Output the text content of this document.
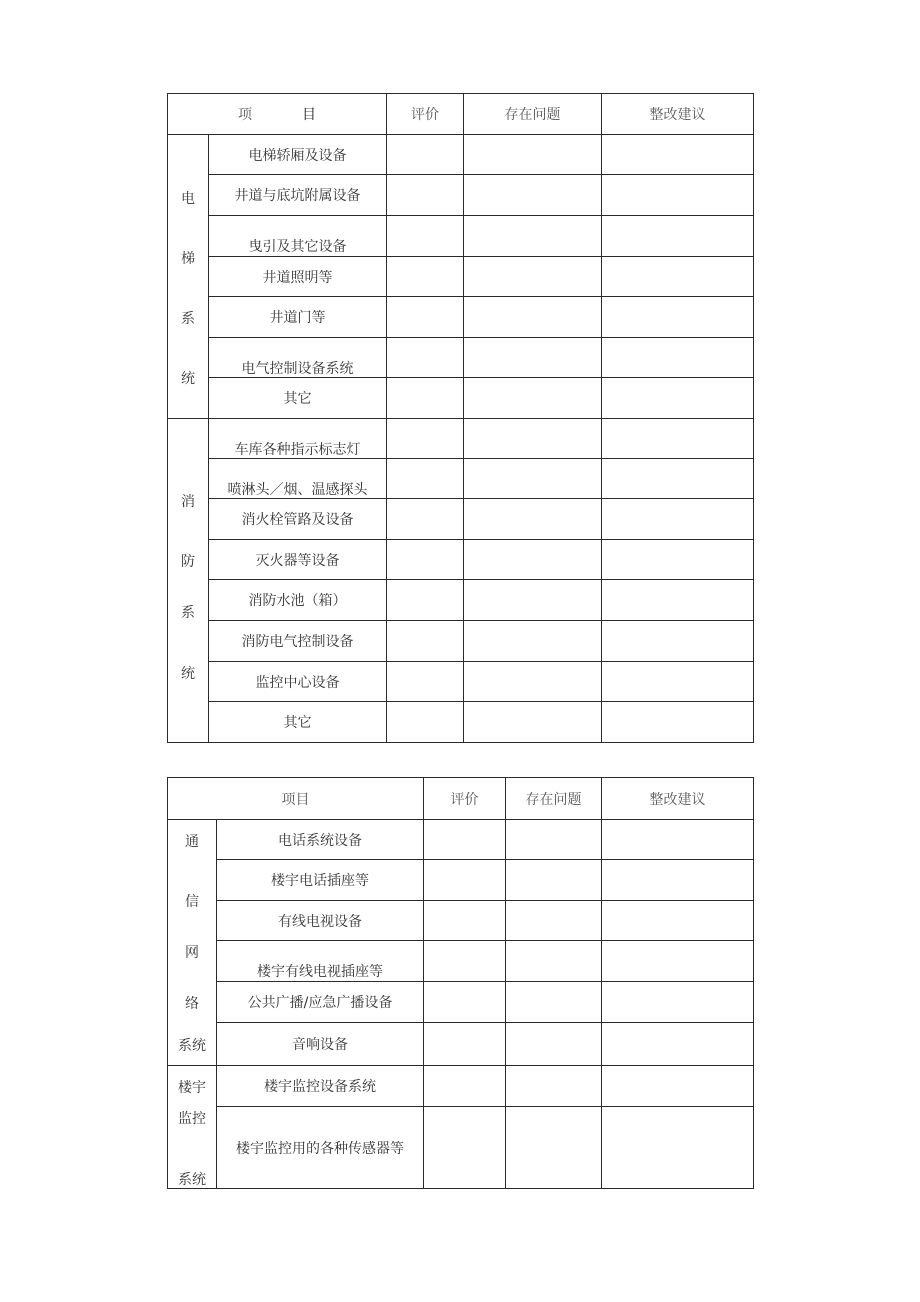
项 目		评价	存在问题	整改建议

电
梯
系
统	电梯轿厢及设备			
	井道与底坑附属设备			
	曳引及其它设备			
	井道照明等			
	井道门等			
	电气控制设备系统			
	其它			

消
防
系
统	车库各种指示标志灯			
	喷淋头／烟、温感探头			
	消火栓管路及设备			
	灭火器等设备			
	消防水池（箱）			
	消防电气控制设备			
	监控中心设备			
	其它			
项目		评价	存在问题	整改建议

通
信
网
络
系统	电话系统设备			
	楼宇电话插座等			
	有线电视设备			
	楼宇有线电视插座等			
	公共广播/应急广播设备			
	音响设备			

楼宇
监控
系统	楼宇监控设备系统			
	楼宇监控用的各种传感器等			
